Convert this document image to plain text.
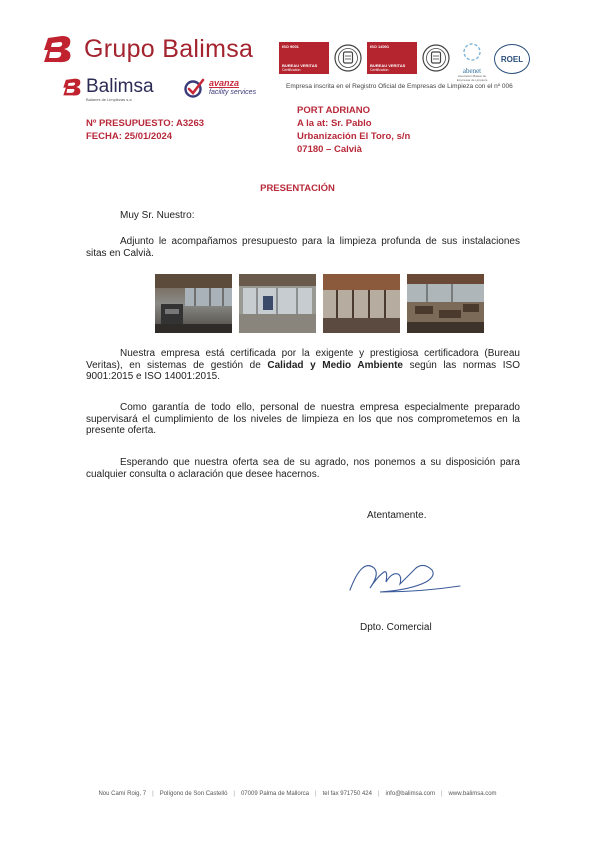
Grupo Balimsa
Balimsa
Balanes de Limpiezas s.a
avanza
facility services
ISO 9001
BUREAU VERITAS
Certification
ISO 14001
BUREAU VERITAS
Certification	abenet
Asociación Balear de Empresas de Limpieza
ROEL
Empresa inscrita en el Registro Oficial de Empresas de Limpieza con el nº 006
Nº PRESUPUESTO: A3263
FECHA: 25/01/2024
PORT ADRIANO
A la at: Sr. Pablo
Urbanización El Toro, s/n
07180 – Calvià
PRESENTACIÓN
Muy Sr. Nuestro:
Adjunto le acompañamos presupuesto para la limpieza profunda de sus instalaciones sitas en Calvià.
Nuestra empresa está certificada por la exigente y prestigiosa certificadora (Bureau Veritas), en sistemas de gestión de Calidad y Medio Ambiente según las normas ISO 9001:2015 e ISO 14001:2015.
Como garantía de todo ello, personal de nuestra empresa especialmente preparado supervisará el cumplimiento de los niveles de limpieza en los que nos comprometemos en la presente oferta.
Esperando que nuestra oferta sea de su agrado, nos ponemos a su disposición para cualquier consulta o aclaración que desee hacernos.
Atentamente.
Dpto. Comercial
Nou Camí Roig, 7 | Polígono de Son Castelló | 07009 Palma de Mallorca | tel fax 971750 424 | info@balimsa.com | www.balimsa.com
